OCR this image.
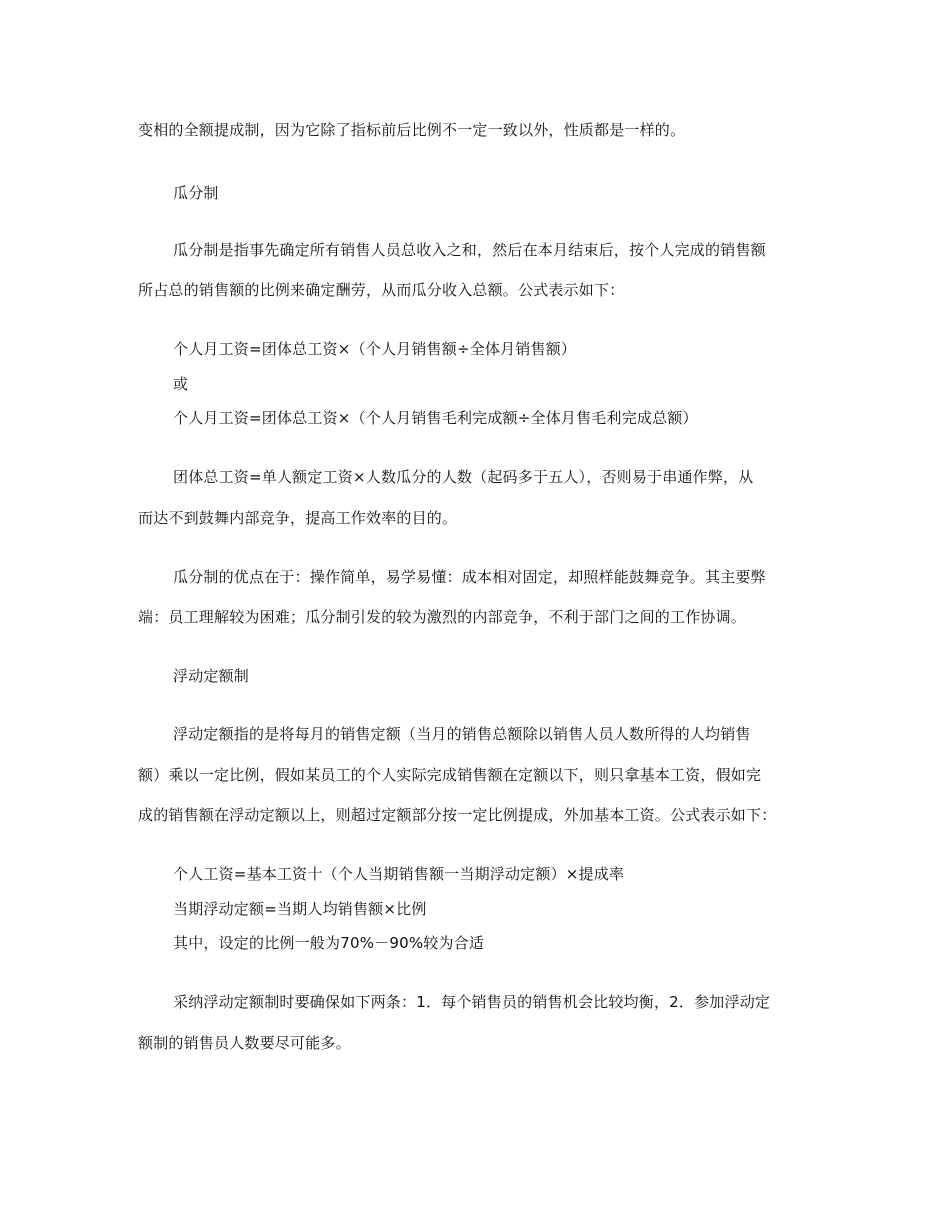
变相的全额提成制，因为它除了指标前后比例不一定一致以外，性质都是一样的。
瓜分制
瓜分制是指事先确定所有销售人员总收入之和，然后在本月结束后，按个人完成的销售额
所占总的销售额的比例来确定酬劳，从而瓜分收入总额。公式表示如下：
个人月工资=团体总工资×（个人月销售额÷全体月销售额）
或
个人月工资=团体总工资×（个人月销售毛利完成额÷全体月售毛利完成总额）
团体总工资=单人额定工资×人数瓜分的人数（起码多于五人），否则易于串通作弊，从
而达不到鼓舞内部竞争，提高工作效率的目的。
瓜分制的优点在于：操作简单，易学易懂：成本相对固定，却照样能鼓舞竞争。其主要弊
端：员工理解较为困难；瓜分制引发的较为激烈的内部竞争，不利于部门之间的工作协调。
浮动定额制
浮动定额指的是将每月的销售定额（当月的销售总额除以销售人员人数所得的人均销售
额）乘以一定比例，假如某员工的个人实际完成销售额在定额以下，则只拿基本工资，假如完
成的销售额在浮动定额以上，则超过定额部分按一定比例提成，外加基本工资。公式表示如下：
个人工资=基本工资十（个人当期销售额一当期浮动定额）×提成率
当期浮动定额=当期人均销售额×比例
其中，设定的比例一般为70%－90%较为合适
采纳浮动定额制时要确保如下两条：1．每个销售员的销售机会比较均衡，2．参加浮动定
额制的销售员人数要尽可能多。
